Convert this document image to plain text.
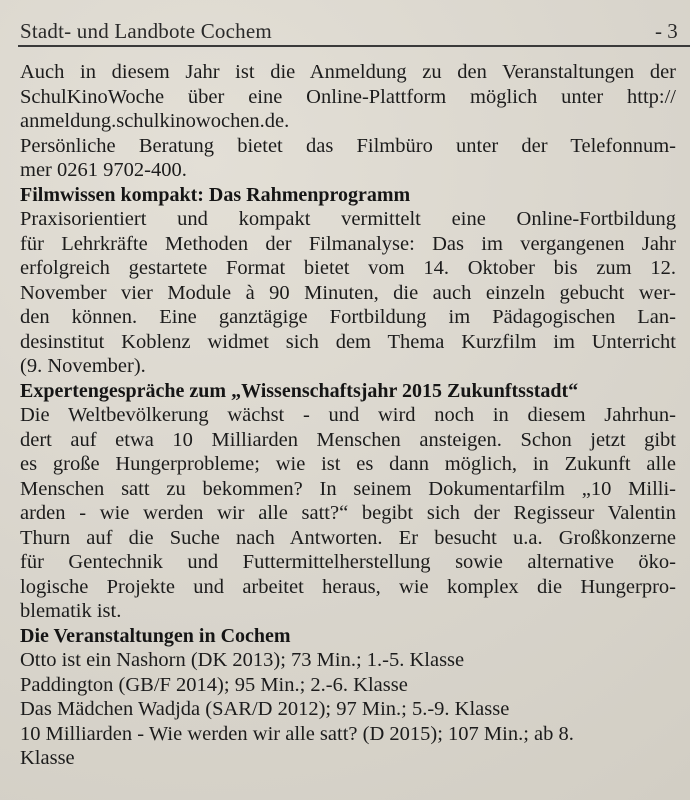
Stadt- und Landbote Cochem	- 3
Auch in diesem Jahr ist die Anmeldung zu den Veranstaltungen der
SchulKinoWoche über eine Online-Plattform möglich unter http://
anmeldung.schulkinowochen.de.
Persönliche Beratung bietet das Filmbüro unter der Telefonnum-
mer 0261 9702-400.
Filmwissen kompakt: Das Rahmenprogramm
Praxisorientiert und kompakt vermittelt eine Online-Fortbildung
für Lehrkräfte Methoden der Filmanalyse: Das im vergangenen Jahr
erfolgreich gestartete Format bietet vom 14. Oktober bis zum 12.
November vier Module à 90 Minuten, die auch einzeln gebucht wer-
den können. Eine ganztägige Fortbildung im Pädagogischen Lan-
desinstitut Koblenz widmet sich dem Thema Kurzfilm im Unterricht
(9. November).
Expertengespräche zum „Wissenschaftsjahr 2015 Zukunftsstadt“
Die Weltbevölkerung wächst - und wird noch in diesem Jahrhun-
dert auf etwa 10 Milliarden Menschen ansteigen. Schon jetzt gibt
es große Hungerprobleme; wie ist es dann möglich, in Zukunft alle
Menschen satt zu bekommen? In seinem Dokumentarfilm „10 Milli-
arden - wie werden wir alle satt?“ begibt sich der Regisseur Valentin
Thurn auf die Suche nach Antworten. Er besucht u.a. Großkonzerne
für Gentechnik und Futtermittelherstellung sowie alternative öko-
logische Projekte und arbeitet heraus, wie komplex die Hungerpro-
blematik ist.
Die Veranstaltungen in Cochem
Otto ist ein Nashorn (DK 2013); 73 Min.; 1.-5. Klasse
Paddington (GB/F 2014); 95 Min.; 2.-6. Klasse
Das Mädchen Wadjda (SAR/D 2012); 97 Min.; 5.-9. Klasse
10 Milliarden - Wie werden wir alle satt? (D 2015); 107 Min.; ab 8.
Klasse
